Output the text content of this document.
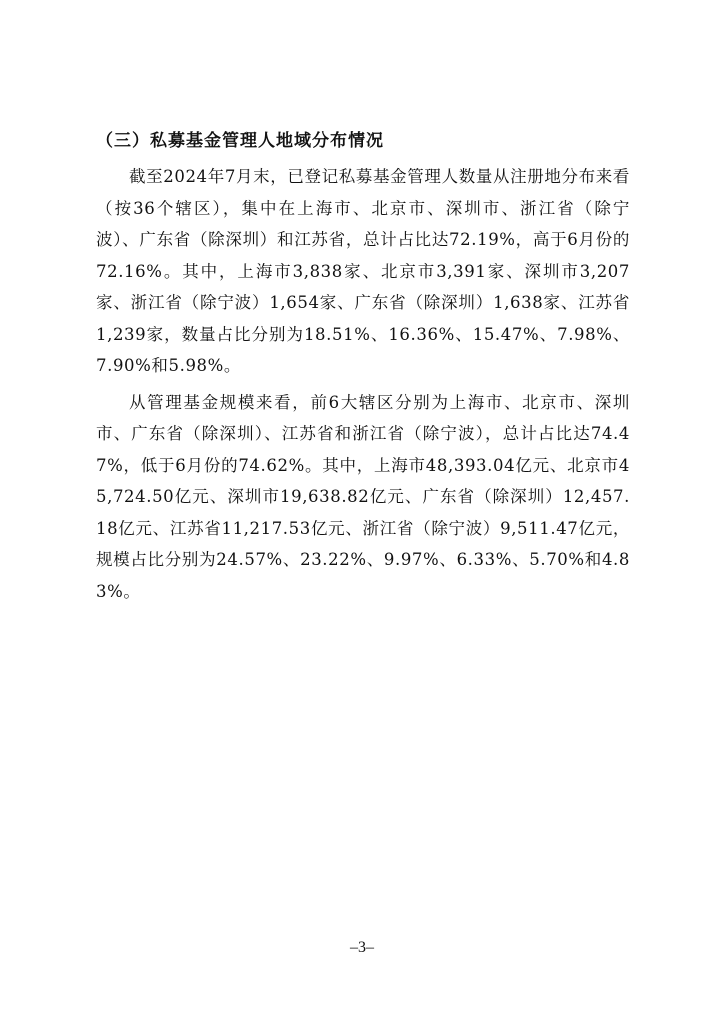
（三）私募基金管理人地域分布情况

截至2024年7月末，已登记私募基金管理人数量从注册地分布来看（按36个辖区），集中在上海市、北京市、深圳市、浙江省（除宁波）、广东省（除深圳）和江苏省，总计占比达72.19%，高于6月份的72.16%。其中，上海市3,838家、北京市3,391家、深圳市3,207家、浙江省（除宁波）1,654家、广东省（除深圳）1,638家、江苏省1,239家，数量占比分别为18.51%、16.36%、15.47%、7.98%、7.90%和5.98%。

从管理基金规模来看，前6大辖区分别为上海市、北京市、深圳市、广东省（除深圳）、江苏省和浙江省（除宁波），总计占比达74.47%，低于6月份的74.62%。其中，上海市48,393.04亿元、北京市45,724.50亿元、深圳市19,638.82亿元、广东省（除深圳）12,457.18亿元、江苏省11,217.53亿元、浙江省（除宁波）9,511.47亿元，规模占比分别为24.57%、23.22%、9.97%、6.33%、5.70%和4.83%。

–3–
